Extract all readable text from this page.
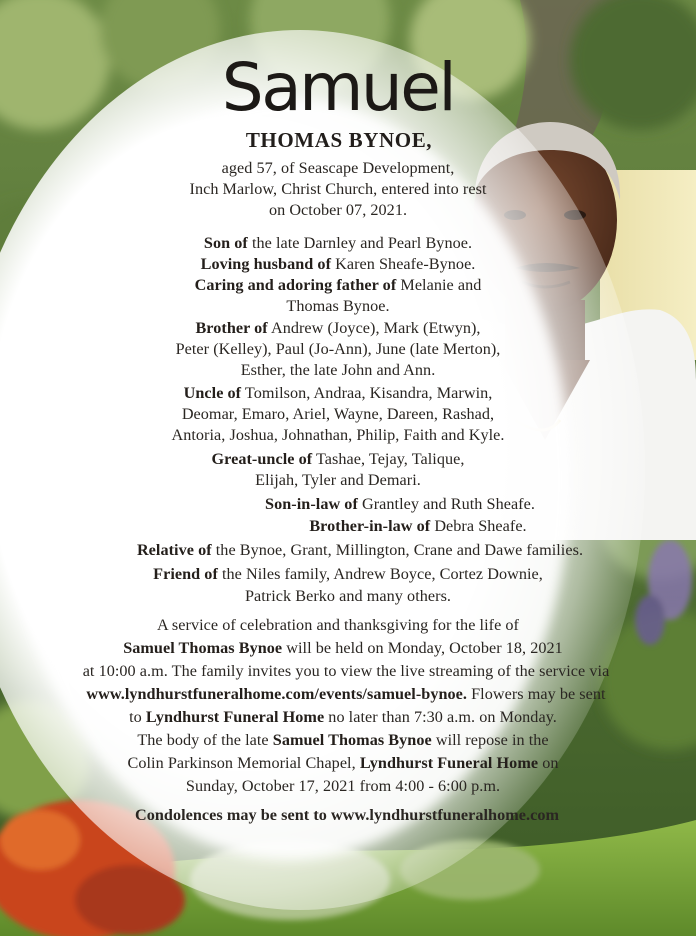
Samuel
THOMAS BYNOE,
aged 57, of Seascape Development,
Inch Marlow, Christ Church, entered into rest
on October 07, 2021.
Son of the late Darnley and Pearl Bynoe.
Loving husband of Karen Sheafe-Bynoe.
Caring and adoring father of Melanie and
Thomas Bynoe.
Brother of Andrew (Joyce), Mark (Etwyn),
Peter (Kelley), Paul (Jo-Ann), June (late Merton),
Esther, the late John and Ann.
Uncle of Tomilson, Andraa, Kisandra, Marwin,
Deomar, Emaro, Ariel, Wayne, Dareen, Rashad,
Antoria, Joshua, Johnathan, Philip, Faith and Kyle.
Great-uncle of Tashae, Tejay, Talique,
Elijah, Tyler and Demari.
Son-in-law of Grantley and Ruth Sheafe.
Brother-in-law of Debra Sheafe.
Relative of the Bynoe, Grant, Millington, Crane and Dawe families.
Friend of the Niles family, Andrew Boyce, Cortez Downie,
Patrick Berko and many others.
A service of celebration and thanksgiving for the life of
Samuel Thomas Bynoe will be held on Monday, October 18, 2021
at 10:00 a.m. The family invites you to view the live streaming of the service via
www.lyndhurstfuneralhome.com/events/samuel-bynoe. Flowers may be sent
to Lyndhurst Funeral Home no later than 7:30 a.m. on Monday.
The body of the late Samuel Thomas Bynoe will repose in the
Colin Parkinson Memorial Chapel, Lyndhurst Funeral Home on
Sunday, October 17, 2021 from 4:00 - 6:00 p.m.
Condolences may be sent to www.lyndhurstfuneralhome.com
